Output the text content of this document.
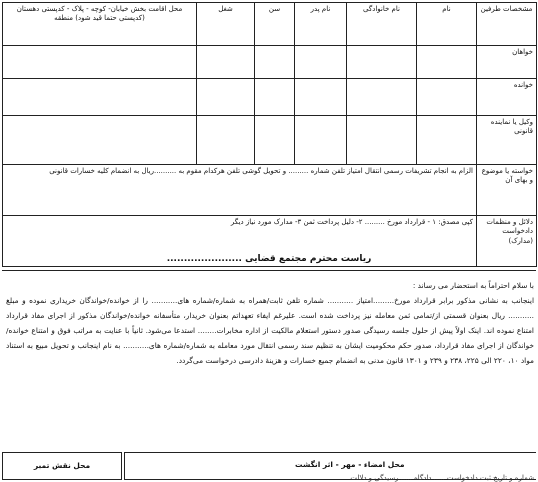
مشخصات طرفین	نام	نام خانوادگی	نام پدر	سن	شغل	محل اقامت بخش خیابان- کوچه - پلاک - کدپستی دهستان (کدپستی حتما قید شود) منطقه
خواهان						
خوانده						
وکیل یا نماینده قانونی						
خواسته یا موضوع و بهای آن	الزام به انجام تشریفات رسمی انتقال امتیاز تلفن شماره ......... و تحویل گوشی تلفن هرکدام مقوم به ..........ریال به انضمام کلیه خسارات قانونی					
دلائل و منظمات دادخواست (مدارک)	کپی مصدق: ۱ - قرارداد مورخ ......... ۲- دلیل پرداخت ثمن ۳- مدارک مورد نیاز دیگر					
ریاست محترم مجتمع قضایی ......................

با سلام احتراماً به استحضار می رساند :

اینجانب به نشانی مذکور برابر قرارداد مورخ.........امتیاز ........... شماره تلفن ثابت/همراه به شماره/شماره های........... را از خوانده/خواندگان خریداری نموده و مبلغ ........... ریال بعنوان قسمتی از/تمامی ثمن معامله نیز پرداخت شده است. علیرغم ایفاء تعهداتم بعنوان خریدار، متأسفانه خوانده/خواندگان مذکور از اجرای مفاد قرارداد امتناع نموده اند. اینک اولاً پیش از حلول جلسه رسیدگی صدور دستور استعلام مالکیت از اداره مخابرات........ استدعا می‌شود. ثانیاً با عنایت به مراتب فوق و امتناع خوانده/خواندگان از اجرای مفاد قرارداد، صدور حکم محکومیت ایشان به تنظیم سند رسمی انتقال مورد معامله به شماره/شماره های........... به نام اینجانب و تحویل مبیع به استناد مواد ۱۰، ۲۲۰ الی ۲۲۵، ۲۳۸ و ۲۳۹ و ۱۳۰۱ قانون مدنی به انضمام جمیع خسارات و هزینهٔ دادرسی درخواست می‌گردد.

محل نقش تمبر	محل امضاء - مهر - اثر انگشت
شماره و تاریخ ثبت دادخواست ..... دادگاه ..... رسیدگی و دلالت
